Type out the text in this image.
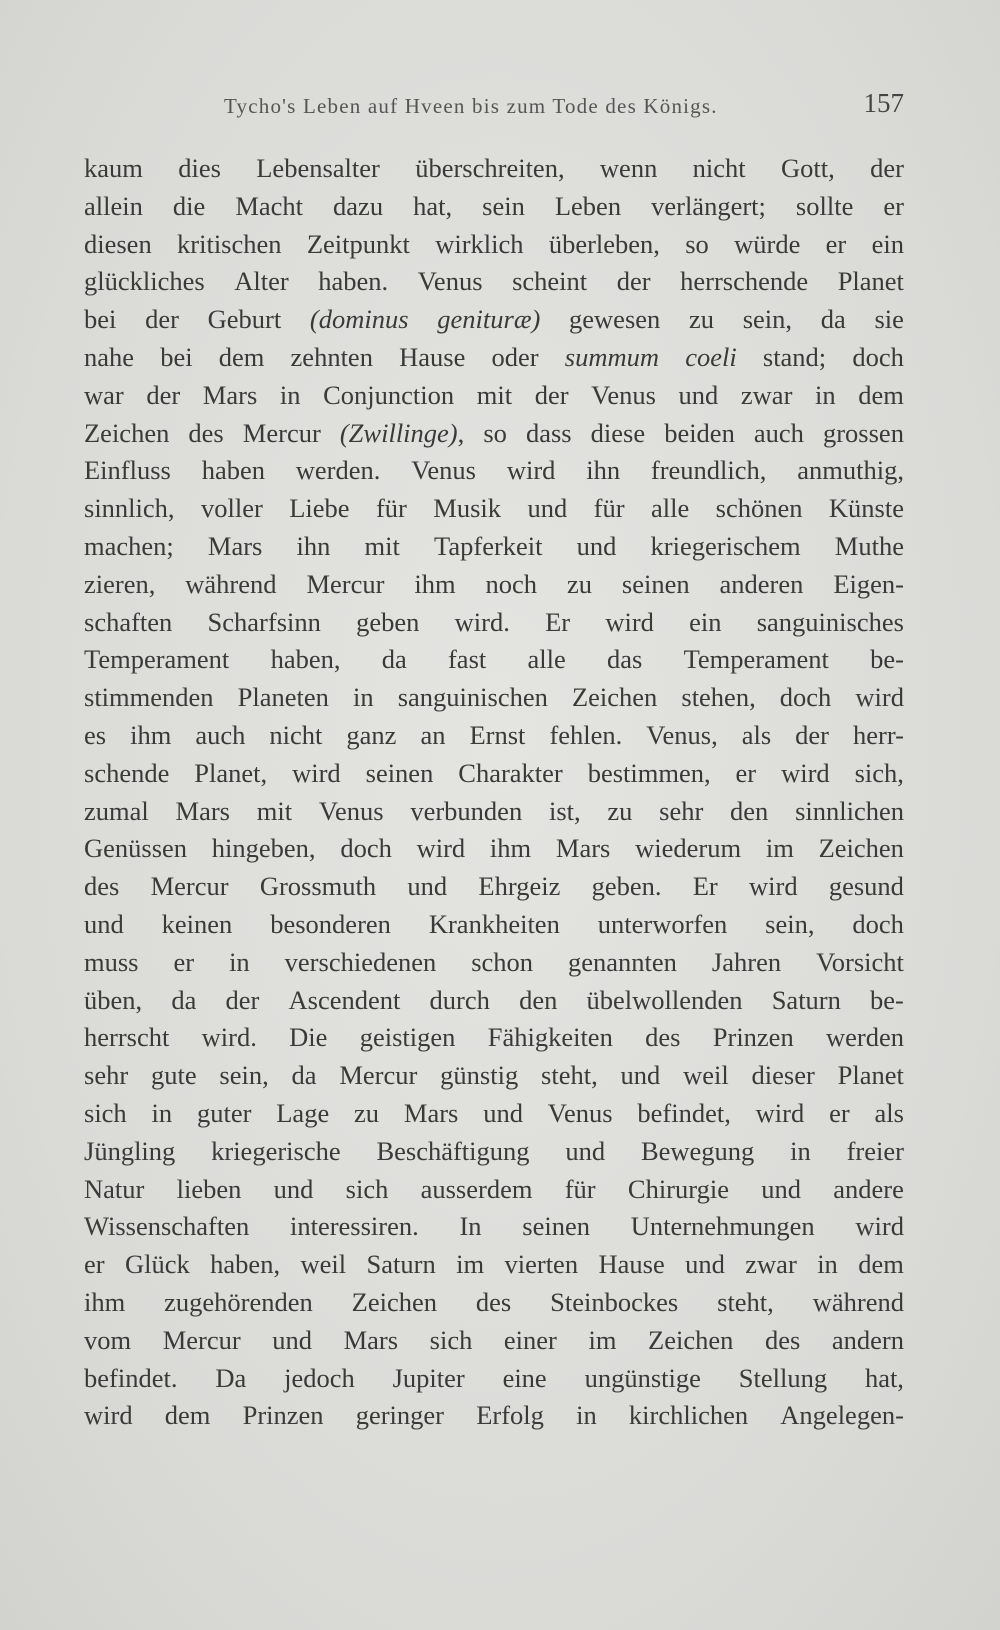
Tycho's Leben auf Hveen bis zum Tode des Königs.	157
kaum dies Lebensalter überschreiten, wenn nicht Gott, der
allein die Macht dazu hat, sein Leben verlängert; sollte er
diesen kritischen Zeitpunkt wirklich überleben, so würde er ein
glückliches Alter haben. Venus scheint der herrschende Planet
bei der Geburt (dominus genituræ) gewesen zu sein, da sie
nahe bei dem zehnten Hause oder summum coeli stand; doch
war der Mars in Conjunction mit der Venus und zwar in dem
Zeichen des Mercur (Zwillinge), so dass diese beiden auch grossen
Einfluss haben werden. Venus wird ihn freundlich, anmuthig,
sinnlich, voller Liebe für Musik und für alle schönen Künste
machen; Mars ihn mit Tapferkeit und kriegerischem Muthe
zieren, während Mercur ihm noch zu seinen anderen Eigen-
schaften Scharfsinn geben wird. Er wird ein sanguinisches
Temperament haben, da fast alle das Temperament be-
stimmenden Planeten in sanguinischen Zeichen stehen, doch wird
es ihm auch nicht ganz an Ernst fehlen. Venus, als der herr-
schende Planet, wird seinen Charakter bestimmen, er wird sich,
zumal Mars mit Venus verbunden ist, zu sehr den sinnlichen
Genüssen hingeben, doch wird ihm Mars wiederum im Zeichen
des Mercur Grossmuth und Ehrgeiz geben. Er wird gesund
und keinen besonderen Krankheiten unterworfen sein, doch
muss er in verschiedenen schon genannten Jahren Vorsicht
üben, da der Ascendent durch den übelwollenden Saturn be-
herrscht wird. Die geistigen Fähigkeiten des Prinzen werden
sehr gute sein, da Mercur günstig steht, und weil dieser Planet
sich in guter Lage zu Mars und Venus befindet, wird er als
Jüngling kriegerische Beschäftigung und Bewegung in freier
Natur lieben und sich ausserdem für Chirurgie und andere
Wissenschaften interessiren. In seinen Unternehmungen wird
er Glück haben, weil Saturn im vierten Hause und zwar in dem
ihm zugehörenden Zeichen des Steinbockes steht, während
vom Mercur und Mars sich einer im Zeichen des andern
befindet. Da jedoch Jupiter eine ungünstige Stellung hat,
wird dem Prinzen geringer Erfolg in kirchlichen Angelegen-
